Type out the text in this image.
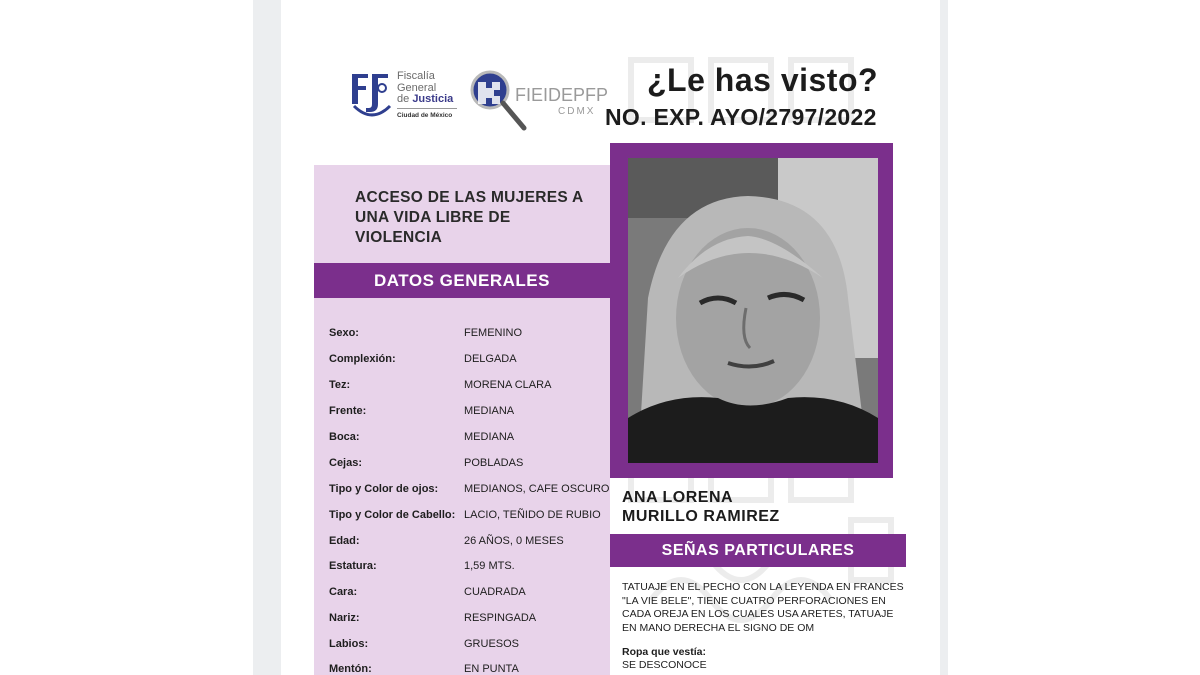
Fiscalía
General
de Justicia
Ciudad de México
FIEIDEPFP
CDMX
¿Le has visto?
NO. EXP. AYO/2797/2022
ACCESO DE LAS MUJERES A UNA VIDA LIBRE DE VIOLENCIA
DATOS GENERALES
Sexo:	FEMENINO
Complexión:	DELGADA
Tez:	MORENA CLARA
Frente:	MEDIANA
Boca:	MEDIANA
Cejas:	POBLADAS
Tipo y Color de ojos: MEDIANOS, CAFE OSCURO
Tipo y Color de Cabello: LACIO, TEÑIDO DE RUBIO
Edad:	26 AÑOS, 0 MESES
Estatura:	1,59 MTS.
Cara:	CUADRADA
Nariz:	RESPINGADA
Labios:	GRUESOS
Mentón:	EN PUNTA
ANA LORENA
MURILLO RAMIREZ
SEÑAS PARTICULARES
TATUAJE EN EL PECHO CON LA LEYENDA EN FRANCES "LA VIE BELE", TIENE CUATRO PERFORACIONES EN CADA OREJA EN LOS CUALES USA ARETES, TATUAJE EN MANO DERECHA EL SIGNO DE OM
Ropa que vestía:
SE DESCONOCE
